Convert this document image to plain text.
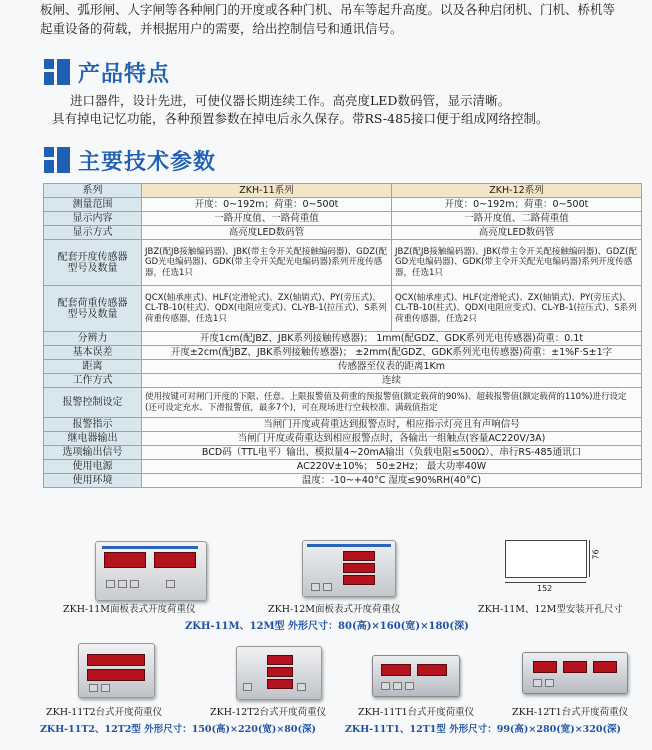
板闸、弧形闸、人字闸等各种闸门的开度或各种门机、吊车等起升高度。以及各种启闭机、门机、桥机等
起重设备的荷载，并根据用户的需要，给出控制信号和通讯信号。
产品特点
进口器件，设计先进，可使仪器长期连续工作。高亮度LED数码管，显示清晰。
具有掉电记忆功能，各种预置参数在掉电后永久保存。带RS-485接口便于组成网络控制。
主要技术参数
系列	ZKH-11系列	ZKH-12系列
测量范围	开度：0~192m；荷重：0~500t	开度：0~192m；荷重：0~500t
显示内容	一路开度值、一路荷重值	一路开度值、二路荷重值
显示方式	高亮度LED数码管	高亮度LED数码管

配套开度传感器
型号及数量	JBZ(配JB接触编码器)、JBK(带主令开关配接触编码器)、GDZ(配GD光电编码器)、GDK(带主令开关配光电编码器)系列开度传感器，任选1只	JBZ(配JB接触编码器)、JBK(带主令开关配接触编码器)、GDZ(配GD光电编码器)、GDK(带主令开关配光电编码器)系列开度传感器，任选1只

配套荷重传感器
型号及数量	QCX(轴承座式)、HLF(定滑轮式)、ZX(轴销式)、PY(旁压式)、CL-TB-10(柱式)、QDX(电阻应变式)、CL-YB-1(拉压式)、S系列荷重传感器，任选1只	QCX(轴承座式)、HLF(定滑轮式)、ZX(轴销式)、PY(旁压式)、CL-TB-10(柱式)、QDX(电阻应变式)、CL-YB-1(拉压式)、S系列荷重传感器，任选2只
分辨力	开度1cm(配JBZ、JBK系列接触传感器)； 1mm(配GDZ、GDK系列光电传感器)荷重：0.1t	
基本误差	开度±2cm(配JBZ、JBK系列接触传感器)； ±2mm(配GDZ、GDK系列光电传感器)荷重：±1%F·S±1字	
距离	传感器至仪表的距离1Km	
工作方式	连续	
报警控制设定	使用按键可对闸门开度的下限、任意、上限报警值及荷重的预报警值(额定载荷的90%)、超载报警值(额定载荷的110%)进行设定(还可设定充水、下滑报警值，最多7个)，可在现场进行空载校准、满载值指定	
报警指示	当闸门开度或荷重达到报警点时，相应指示灯亮且有声响信号	
继电器输出	当闸门开度或荷重达到相应报警点时，各输出一组触点(容量AC220V/3A)	
选项输出信号	BCD码（TTL电平）输出、模拟量4~20mA输出（负载电阻≤500Ω）、串行RS-485通讯口	
使用电源	AC220V±10%； 50±2Hz； 最大功率40W	
使用环境	温度：-10~+40°C 湿度≤90%RH(40°C)	
76
152
ZKH-11M面板表式开度荷重仪	ZKH-12M面板表式开度荷重仪	ZKH-11M、12M型安装开孔尺寸
ZKH-11M、12M型 外形尺寸：80(高)×160(宽)×180(深)
ZKH-11T2台式开度荷重仪	ZKH-12T2台式开度荷重仪	ZKH-11T1台式开度荷重仪	ZKH-12T1台式开度荷重仪
ZKH-11T2、12T2型 外形尺寸：150(高)×220(宽)×80(深)	ZKH-11T1、12T1型 外形尺寸：99(高)×280(宽)×320(深)
